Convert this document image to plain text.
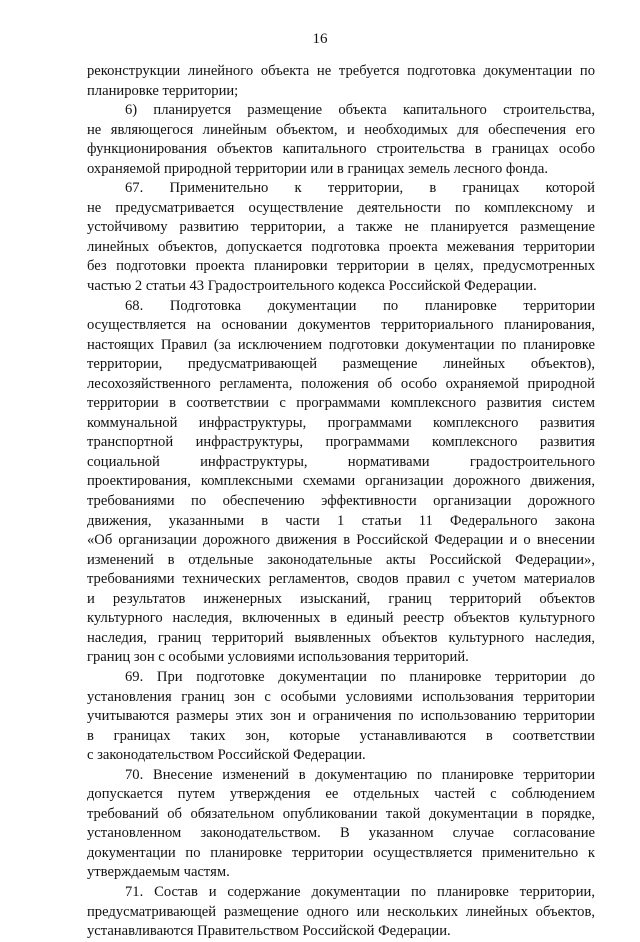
16
реконструкции линейного объекта не требуется подготовка документации по
планировке территории;
6) планируется размещение объекта капитального строительства,
не являющегося линейным объектом, и необходимых для обеспечения его
функционирования объектов капитального строительства в границах особо
охраняемой природной территории или в границах земель лесного фонда.
67. Применительно к территории, в границах которой
не предусматривается осуществление деятельности по комплексному и
устойчивому развитию территории, а также не планируется размещение
линейных объектов, допускается подготовка проекта межевания территории
без подготовки проекта планировки территории в целях, предусмотренных
частью 2 статьи 43 Градостроительного кодекса Российской Федерации.
68. Подготовка документации по планировке территории
осуществляется на основании документов территориального планирования,
настоящих Правил (за исключением подготовки документации по планировке
территории, предусматривающей размещение линейных объектов),
лесохозяйственного регламента, положения об особо охраняемой природной
территории в соответствии с программами комплексного развития систем
коммунальной инфраструктуры, программами комплексного развития
транспортной инфраструктуры, программами комплексного развития
социальной инфраструктуры, нормативами градостроительного
проектирования, комплексными схемами организации дорожного движения,
требованиями по обеспечению эффективности организации дорожного
движения, указанными в части 1 статьи 11 Федерального закона
«Об организации дорожного движения в Российской Федерации и о внесении
изменений в отдельные законодательные акты Российской Федерации»,
требованиями технических регламентов, сводов правил с учетом материалов
и результатов инженерных изысканий, границ территорий объектов
культурного наследия, включенных в единый реестр объектов культурного
наследия, границ территорий выявленных объектов культурного наследия,
границ зон с особыми условиями использования территорий.
69. При подготовке документации по планировке территории до
установления границ зон с особыми условиями использования территории
учитываются размеры этих зон и ограничения по использованию территории
в границах таких зон, которые устанавливаются в соответствии
с законодательством Российской Федерации.
70. Внесение изменений в документацию по планировке территории
допускается путем утверждения ее отдельных частей с соблюдением
требований об обязательном опубликовании такой документации в порядке,
установленном законодательством. В указанном случае согласование
документации по планировке территории осуществляется применительно к
утверждаемым частям.
71. Состав и содержание документации по планировке территории,
предусматривающей размещение одного или нескольких линейных объектов,
устанавливаются Правительством Российской Федерации.
